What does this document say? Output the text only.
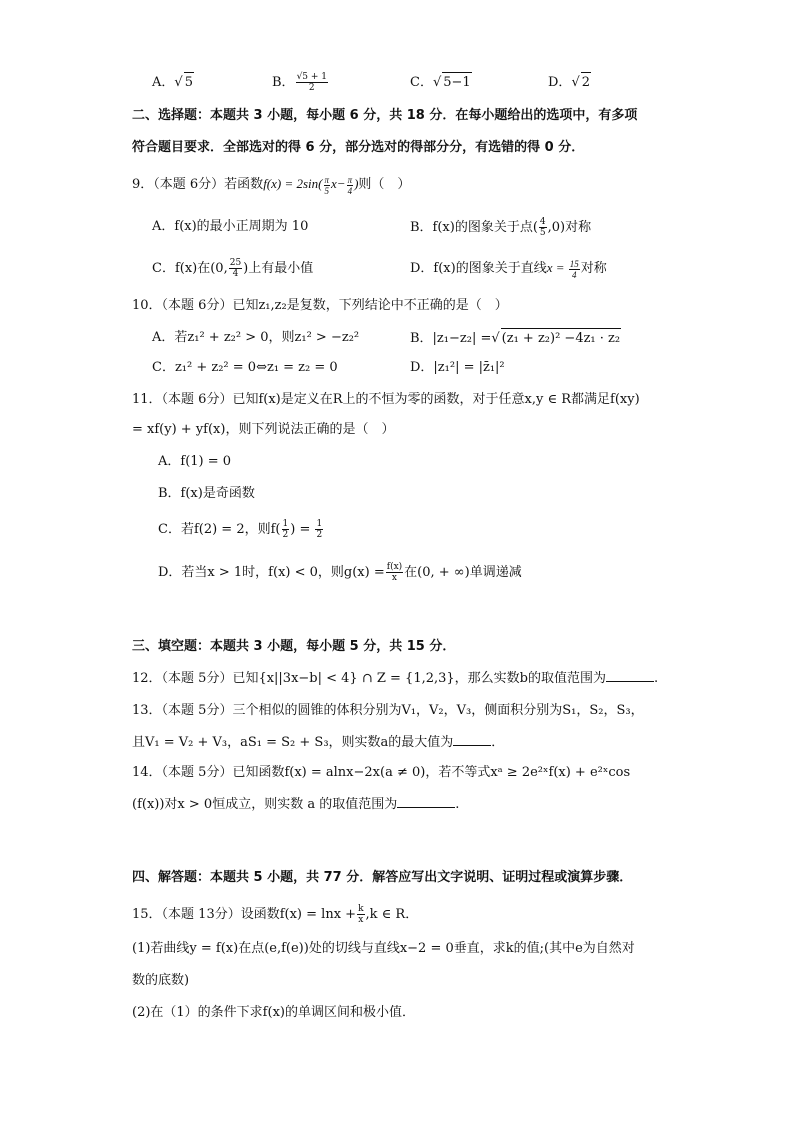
A．√ 5	B． $\frac{√5 + 1}{2}$	C．√ 5−1	D．√ 2
二、选择题：本题共 3 小题，每小题 6 分，共 18 分．在每小题给出的选项中，有多项
符合题目要求．全部选对的得 6 分，部分选对的得部分分，有选错的得 0 分．
9．（本题 6分）若函数$f(x) = 2\sin( \frac{\pi}{5} x- \frac{\pi}{4}$ )则（　）
A．f(x)的最小正周期为 10	B．f(x)的图象关于点( $\frac{4}{5} ,0$)对称
C．f(x)在(0, $\frac{25}{4}$ )上有最小值	D．f(x)的图象关于直线$x = \frac{15}{4}$ 对称
10．（本题 6分）已知z₁,z₂是复数，下列结论中不正确的是（　）
A．若z₁² + z₂² > 0，则z₁² > −z₂²	B．|z₁−z₂| =√ (z₁ + z₂)² −4z₁ · z₂
C．z₁² + z₂² = 0⇔z₁ = z₂ = 0	D．|z₁²| = |z̄₁|²
11．（本题 6分）已知f(x)是定义在R上的不恒为零的函数，对于任意x,y ∈ R都满足f(xy)
= xf(y) + yf(x)，则下列说法正确的是（　）
A．f(1) = 0
B．f(x)是奇函数
C．若f(2) = 2，则$f( \frac{1}{2}$ ) = $\frac{1}{2}$
D．若当x > 1时，f(x) < 0，则$g(x) = \frac{f(x)}{x}$ 在(0, + ∞)单调递减
三、填空题：本题共 3 小题，每小题 5 分，共 15 分．
12．（本题 5分）已知{x||3x−b| < 4} ∩ Z = {1,2,3}，那么实数b的取值范围为	.
13．（本题 5分）三个相似的圆锥的体积分别为V₁，V₂，V₃，侧面积分别为S₁，S₂，S₃，
且V₁ = V₂ + V₃，aS₁ = S₂ + S₃，则实数a的最大值为	．
14．（本题 5分）已知函数f(x) = alnx−2x(a ≠ 0)，若不等式xᵃ ≥ 2e²ˣf(x) + e²ˣcos
(f(x))对x > 0恒成立，则实数 a 的取值范围为	.
四、解答题：本题共 5 小题，共 77 分．解答应写出文字说明、证明过程或演算步骤．
15．（本题 13分）设函数$f(x) = \ln x + \frac{k}{x} ,k$ ∈ R．
(1)若曲线y = f(x)在点(e,f(e))处的切线与直线x−2 = 0垂直，求k的值;(其中e为自然对
数的底数)
(2)在（1）的条件下求f(x)的单调区间和极小值．
